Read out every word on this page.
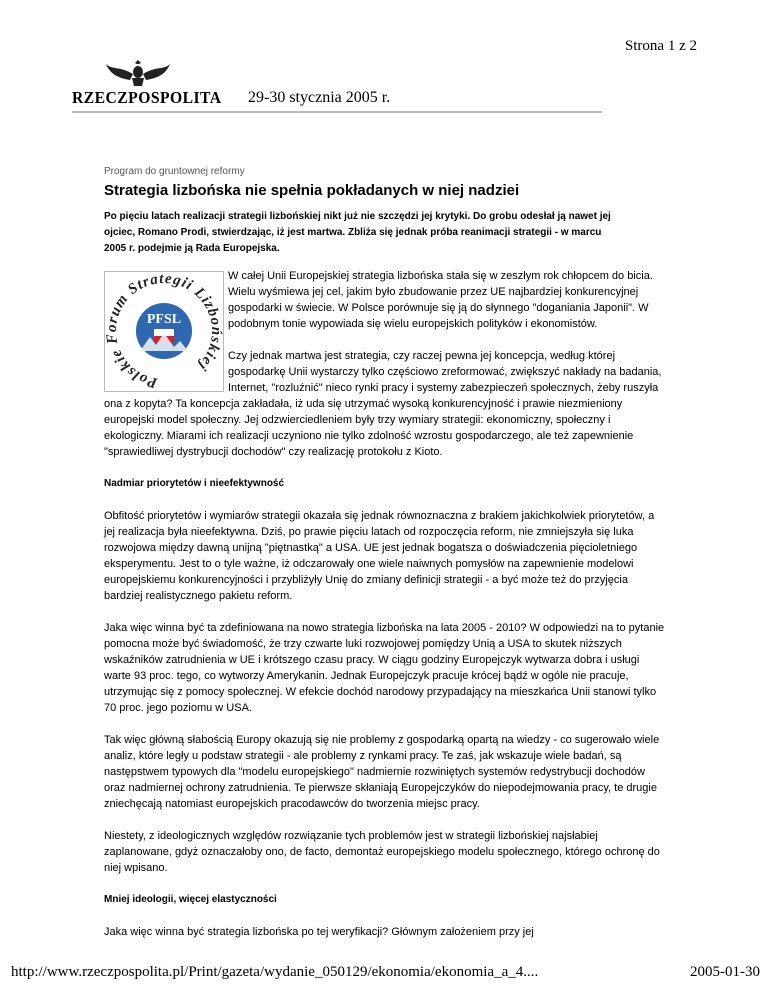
Strona 1 z 2
RZECZPOSPOLITA 29-30 stycznia 2005 r.
Program do gruntownej reformy
Strategia lizbońska nie spełnia pokładanych w niej nadziei

Po pięciu latach realizacji strategii lizbońskiej nikt już nie szczędzi jej krytyki. Do grobu odesłał ją nawet jej ojciec, Romano Prodi, stwierdzając, iż jest martwa. Zbliża się jednak próba reanimacji strategii - w marcu 2005 r. podejmie ją Rada Europejska.

Polskie Forum Strategii Lizbońskiej
PFSL

W całej Unii Europejskiej strategia lizbońska stała się w zeszłym rok chłopcem do bicia. Wielu wyśmiewa jej cel, jakim było zbudowanie przez UE najbardziej konkurencyjnej gospodarki w świecie. W Polsce porównuje się ją do słynnego "doganiania Japonii". W podobnym tonie wypowiada się wielu europejskich polityków i ekonomistów.

Czy jednak martwa jest strategia, czy raczej pewna jej koncepcja, według której gospodarkę Unii wystarczy tylko częściowo zreformować, zwiększyć nakłady na badania, Internet, "rozluźnić" nieco rynki pracy i systemy zabezpieczeń społecznych, żeby ruszyła ona z kopyta? Ta koncepcja zakładała, iż uda się utrzymać wysoką konkurencyjność i prawie niezmieniony europejski model społeczny. Jej odzwierciedleniem były trzy wymiary strategii: ekonomiczny, społeczny i ekologiczny. Miarami ich realizacji uczyniono nie tylko zdolność wzrostu gospodarczego, ale też zapewnienie "sprawiedliwej dystrybucji dochodów" czy realizację protokołu z Kioto.

Nadmiar priorytetów i nieefektywność

Obfitość priorytetów i wymiarów strategii okazała się jednak równoznaczna z brakiem jakichkolwiek priorytetów, a jej realizacja była nieefektywna. Dziś, po prawie pięciu latach od rozpoczęcia reform, nie zmniejszyła się luka rozwojowa między dawną unijną "piętnastką" a USA. UE jest jednak bogatsza o doświadczenia pięcioletniego eksperymentu. Jest to o tyle ważne, iż odczarowały one wiele naiwnych pomysłów na zapewnienie modelowi europejskiemu konkurencyjności i przybliżyły Unię do zmiany definicji strategii - a być może też do przyjęcia bardziej realistycznego pakietu reform.

Jaka więc winna być ta zdefiniowana na nowo strategia lizbońska na lata 2005 - 2010? W odpowiedzi na to pytanie pomocna może być świadomość, że trzy czwarte luki rozwojowej pomiędzy Unią a USA to skutek niższych wskaźników zatrudnienia w UE i krótszego czasu pracy. W ciągu godziny Europejczyk wytwarza dobra i usługi warte 93 proc. tego, co wytworzy Amerykanin. Jednak Europejczyk pracuje krócej bądź w ogóle nie pracuje, utrzymując się z pomocy społecznej. W efekcie dochód narodowy przypadający na mieszkańca Unii stanowi tylko 70 proc. jego poziomu w USA.

Tak więc główną słabością Europy okazują się nie problemy z gospodarką opartą na wiedzy - co sugerowało wiele analiz, które legły u podstaw strategii - ale problemy z rynkami pracy. Te zaś, jak wskazuje wiele badań, są następstwem typowych dla "modelu europejskiego" nadmiernie rozwiniętych systemów redystrybucji dochodów oraz nadmiernej ochrony zatrudnienia. Te pierwsze skłaniają Europejczyków do niepodejmowania pracy, te drugie zniechęcają natomiast europejskich pracodawców do tworzenia miejsc pracy.

Niestety, z ideologicznych względów rozwiązanie tych problemów jest w strategii lizbońskiej najsłabiej zaplanowane, gdyż oznaczałoby ono, de facto, demontaż europejskiego modelu społecznego, którego ochronę do niej wpisano.

Mniej ideologii, więcej elastyczności

Jaka więc winna być strategia lizbońska po tej weryfikacji? Głównym założeniem przy jej

http://www.rzeczpospolita.pl/Print/gazeta/wydanie_050129/ekonomia/ekonomia_a_4....	2005-01-30
